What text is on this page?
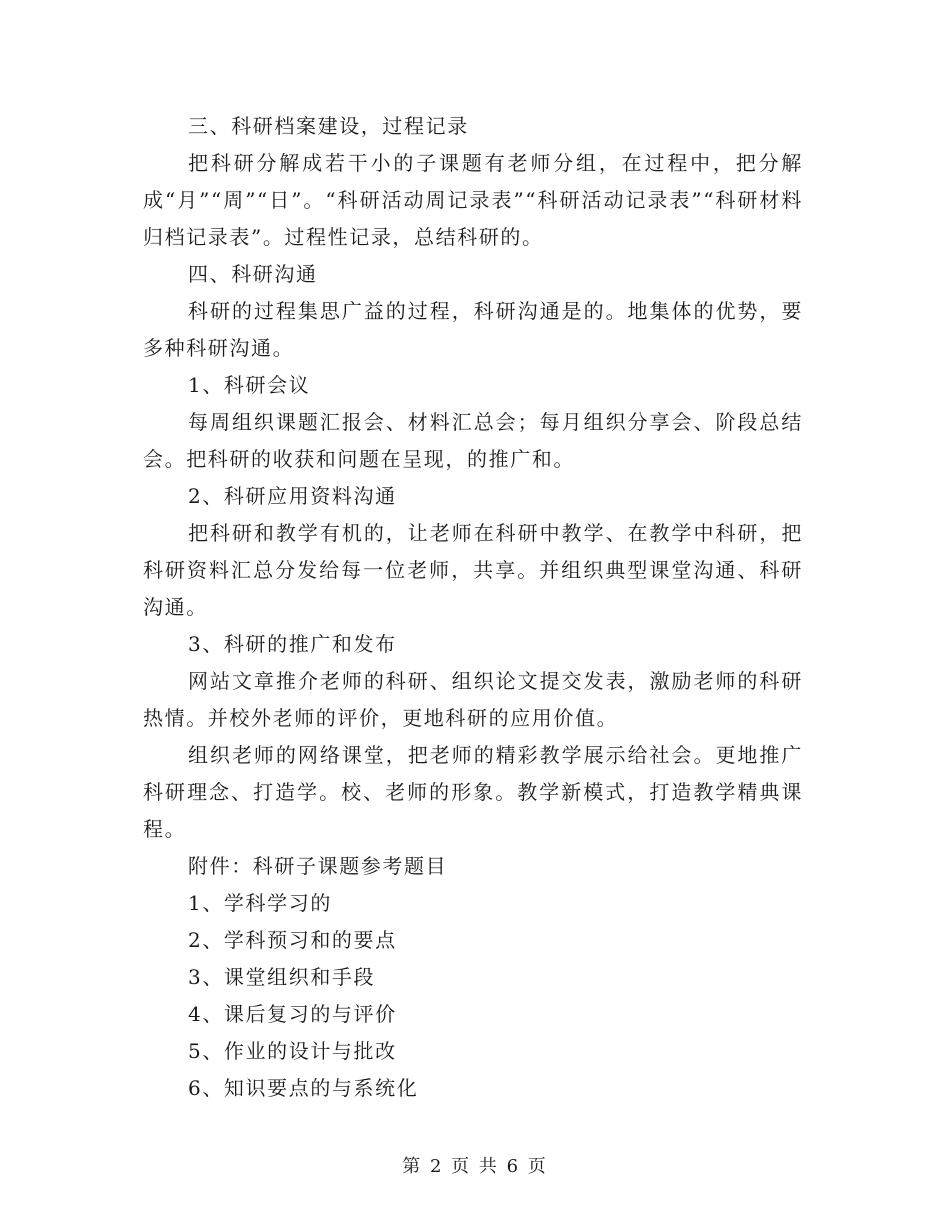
三、科研档案建设，过程记录

把科研分解成若干小的子课题有老师分组，在过程中，把分解成“月”“周”“日”。“科研活动周记录表”“科研活动记录表”“科研材料归档记录表”。过程性记录，总结科研的。

四、科研沟通

科研的过程集思广益的过程，科研沟通是的。地集体的优势，要多种科研沟通。

1、科研会议

每周组织课题汇报会、材料汇总会；每月组织分享会、阶段总结会。把科研的收获和问题在呈现，的推广和。

2、科研应用资料沟通

把科研和教学有机的，让老师在科研中教学、在教学中科研，把科研资料汇总分发给每一位老师，共享。并组织典型课堂沟通、科研沟通。

3、科研的推广和发布

网站文章推介老师的科研、组织论文提交发表，激励老师的科研热情。并校外老师的评价，更地科研的应用价值。

组织老师的网络课堂，把老师的精彩教学展示给社会。更地推广科研理念、打造学。校、老师的形象。教学新模式，打造教学精典课程。

附件：科研子课题参考题目

1、学科学习的

2、学科预习和的要点

3、课堂组织和手段

4、课后复习的与评价

5、作业的设计与批改

6、知识要点的与系统化

第 2 页 共 6 页
